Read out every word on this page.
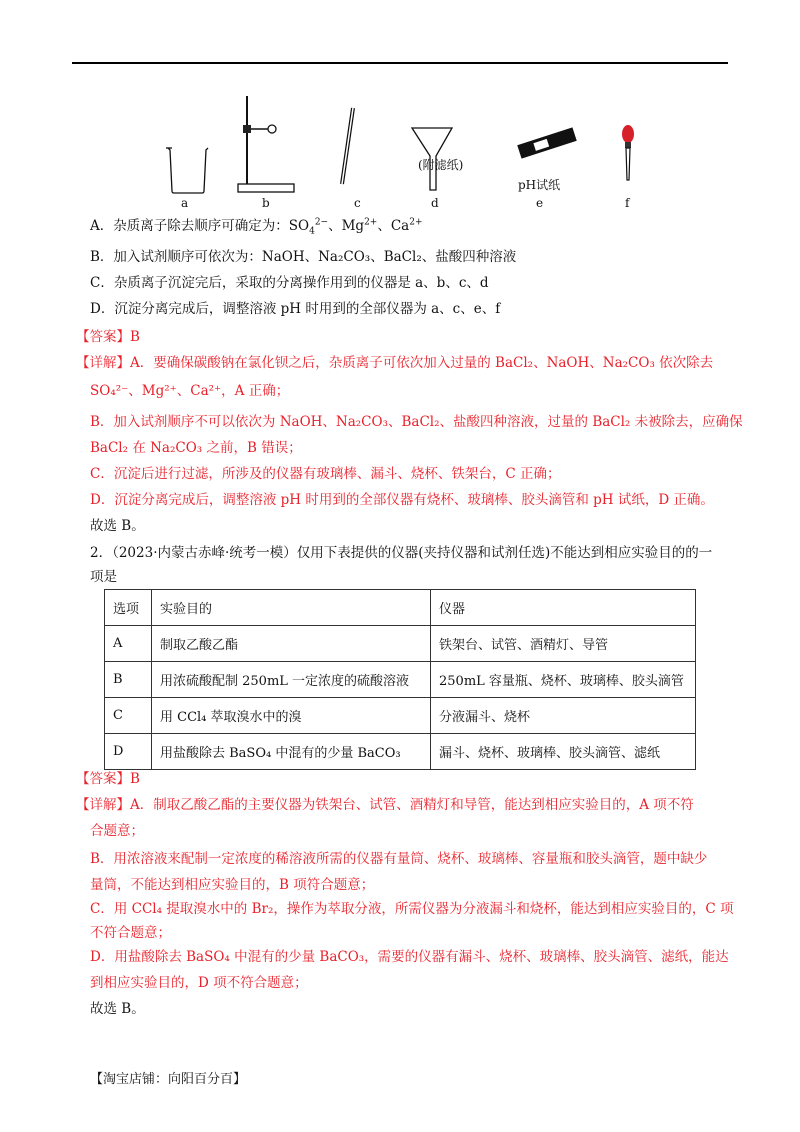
a	b	c	d	e	f
(附滤纸)
pH试纸
A．杂质离子除去顺序可确定为：$SO_4^{2-}$、$Mg^{2+}$、$Ca^{2+}$
B．加入试剂顺序可依次为：NaOH、Na₂CO₃、BaCl₂、盐酸四种溶液
C．杂质离子沉淀完后，采取的分离操作用到的仪器是 a、b、c、d
D．沉淀分离完成后，调整溶液 pH 时用到的全部仪器为 a、c、e、f
【答案】B
【详解】A．要确保碳酸钠在氯化钡之后，杂质离子可依次加入过量的 BaCl₂、NaOH、Na₂CO₃ 依次除去
SO₄²⁻、Mg²⁺、Ca²⁺，A 正确；
B．加入试剂顺序不可以依次为 NaOH、Na₂CO₃、BaCl₂、盐酸四种溶液，过量的 BaCl₂ 未被除去，应确保
BaCl₂ 在 Na₂CO₃ 之前，B 错误；
C．沉淀后进行过滤，所涉及的仪器有玻璃棒、漏斗、烧杯、铁架台，C 正确；
D．沉淀分离完成后，调整溶液 pH 时用到的全部仪器有烧杯、玻璃棒、胶头滴管和 pH 试纸，D 正确。
故选 B。
2．（2023·内蒙古赤峰·统考一模）仅用下表提供的仪器(夹持仪器和试剂任选)不能达到相应实验目的的一
项是
选项	实验目的	仪器
A	制取乙酸乙酯	铁架台、试管、酒精灯、导管
B	用浓硫酸配制 250mL 一定浓度的硫酸溶液	250mL 容量瓶、烧杯、玻璃棒、胶头滴管
C	用 CCl₄ 萃取溴水中的溴	分液漏斗、烧杯
D	用盐酸除去 BaSO₄ 中混有的少量 BaCO₃	漏斗、烧杯、玻璃棒、胶头滴管、滤纸
【答案】B
【详解】A．制取乙酸乙酯的主要仪器为铁架台、试管、酒精灯和导管，能达到相应实验目的，A 项不符
合题意；
B．用浓溶液来配制一定浓度的稀溶液所需的仪器有量筒、烧杯、玻璃棒、容量瓶和胶头滴管，题中缺少
量筒，不能达到相应实验目的，B 项符合题意；
C．用 CCl₄ 提取溴水中的 Br₂，操作为萃取分液，所需仪器为分液漏斗和烧杯，能达到相应实验目的，C 项
不符合题意；
D．用盐酸除去 BaSO₄ 中混有的少量 BaCO₃，需要的仪器有漏斗、烧杯、玻璃棒、胶头滴管、滤纸，能达
到相应实验目的，D 项不符合题意；
故选 B。
【淘宝店铺：向阳百分百】
